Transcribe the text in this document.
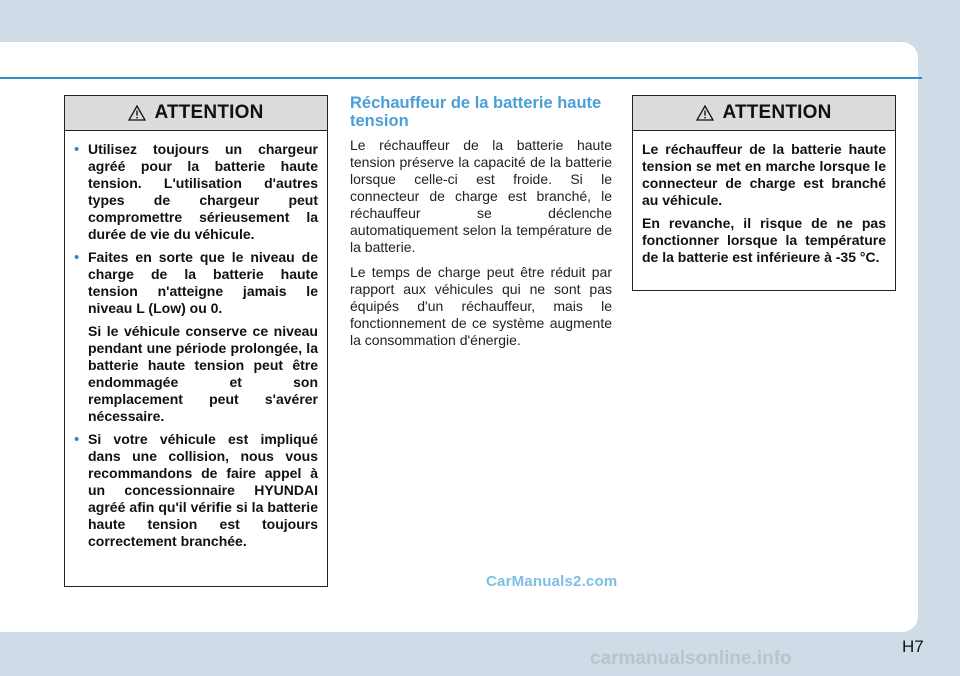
ATTENTION

• Utilisez toujours un chargeur agréé pour la batterie haute tension. L'utilisation d'autres types de chargeur peut compromettre sérieusement la durée de vie du véhicule.

• Faites en sorte que le niveau de charge de la batterie haute tension n'atteigne jamais le niveau L (Low) ou 0.

Si le véhicule conserve ce niveau pendant une période prolongée, la batterie haute tension peut être endommagée et son remplacement peut s'avérer nécessaire.

• Si votre véhicule est impliqué dans une collision, nous vous recommandons de faire appel à un concessionnaire HYUNDAI agréé afin qu'il vérifie si la batterie haute tension est toujours correctement branchée.

Réchauffeur de la batterie haute tension

Le réchauffeur de la batterie haute tension préserve la capacité de la batterie lorsque celle-ci est froide. Si le connecteur de charge est branché, le réchauffeur se déclenche automatiquement selon la température de la batterie.

Le temps de charge peut être réduit par rapport aux véhicules qui ne sont pas équipés d'un réchauffeur, mais le fonctionnement de ce système augmente la consommation d'énergie.

ATTENTION

Le réchauffeur de la batterie haute tension se met en marche lorsque le connecteur de charge est branché au véhicule.

En revanche, il risque de ne pas fonctionner lorsque la température de la batterie est inférieure à -35 °C.

CarManuals2.com
carmanualsonline.info
H7
